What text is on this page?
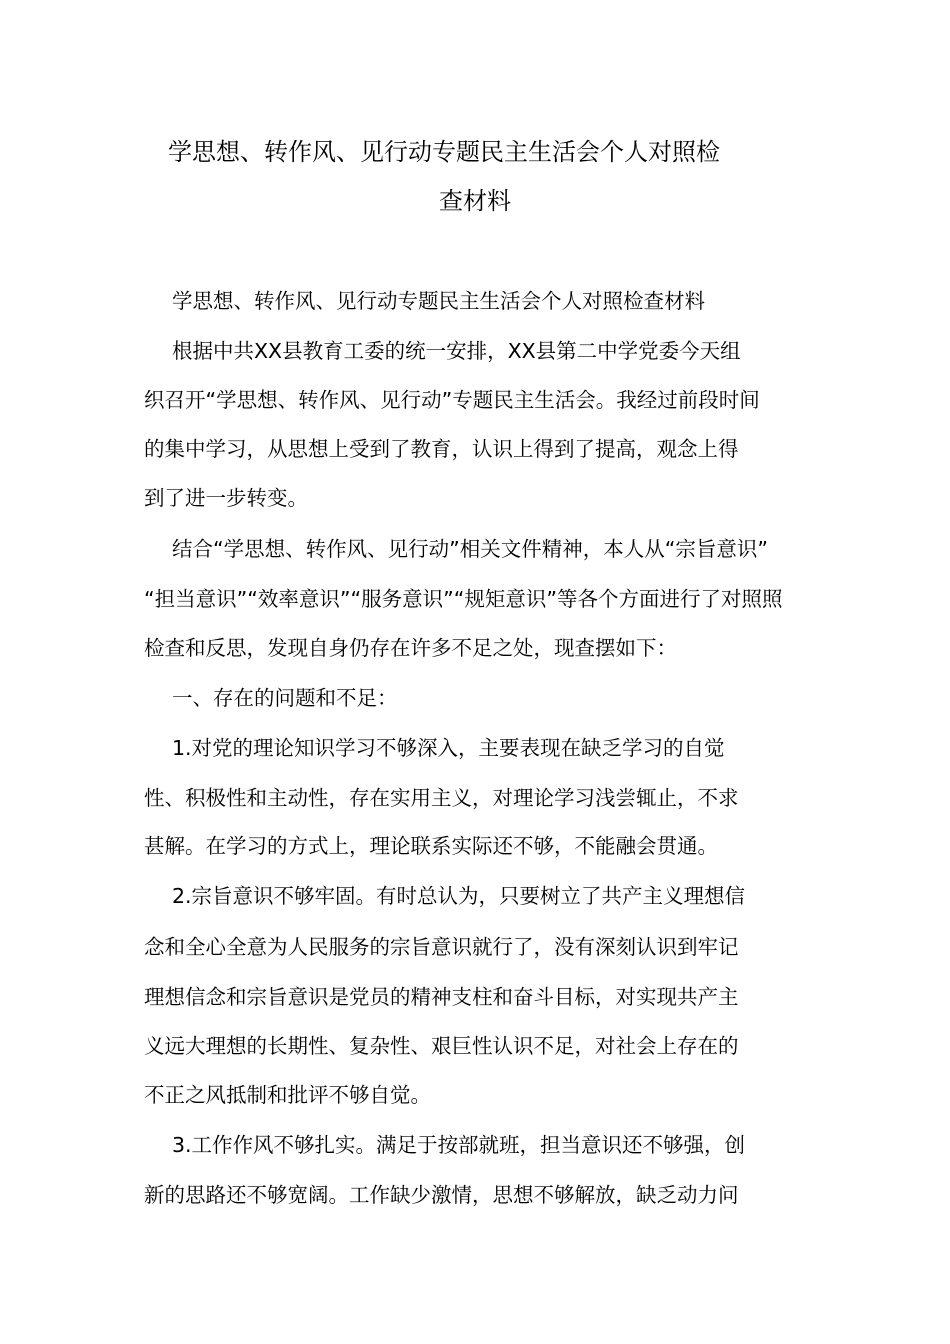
学思想、转作风、见行动专题民主生活会个人对照检
查材料
学思想、转作风、见行动专题民主生活会个人对照检查材料
根据中共XX县教育工委的统一安排，XX县第二中学党委今天组
织召开“学思想、转作风、见行动”专题民主生活会。我经过前段时间
的集中学习，从思想上受到了教育，认识上得到了提高，观念上得
到了进一步转变。
结合“学思想、转作风、见行动”相关文件精神，本人从“宗旨意识”
“担当意识”“效率意识”“服务意识”“规矩意识”等各个方面进行了对照照
检查和反思，发现自身仍存在许多不足之处，现查摆如下：
一、存在的问题和不足：
1.对党的理论知识学习不够深入，主要表现在缺乏学习的自觉
性、积极性和主动性，存在实用主义，对理论学习浅尝辄止，不求
甚解。在学习的方式上，理论联系实际还不够，不能融会贯通。
2.宗旨意识不够牢固。有时总认为，只要树立了共产主义理想信
念和全心全意为人民服务的宗旨意识就行了，没有深刻认识到牢记
理想信念和宗旨意识是党员的精神支柱和奋斗目标，对实现共产主
义远大理想的长期性、复杂性、艰巨性认识不足，对社会上存在的
不正之风抵制和批评不够自觉。
3.工作作风不够扎实。满足于按部就班，担当意识还不够强，创
新的思路还不够宽阔。工作缺少激情，思想不够解放，缺乏动力问
